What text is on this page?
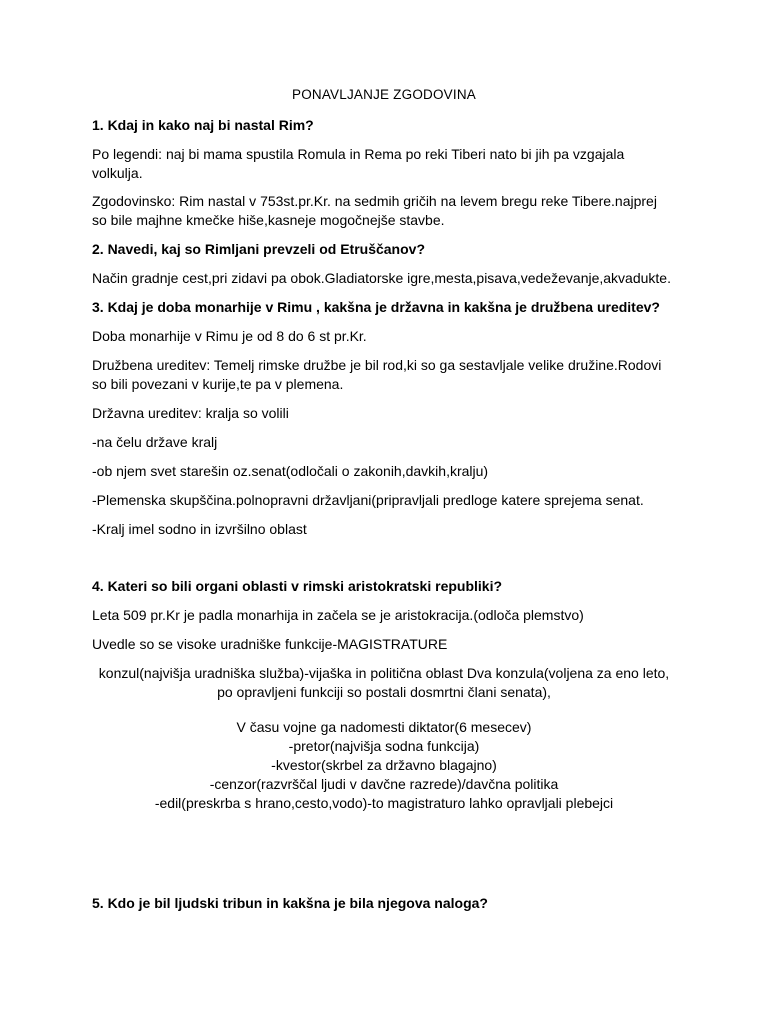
PONAVLJANJE ZGODOVINA
1. Kdaj in kako naj bi nastal Rim?
Po legendi: naj bi mama spustila Romula in Rema po reki Tiberi nato bi jih pa vzgajala
volkulja.
Zgodovinsko: Rim nastal v 753st.pr.Kr. na sedmih gričih na levem bregu reke Tibere.najprej
so bile majhne kmečke hiše,kasneje mogočnejše stavbe.
2. Navedi, kaj so Rimljani prevzeli od Etruščanov?
Način gradnje cest,pri zidavi pa obok.Gladiatorske igre,mesta,pisava,vedeževanje,akvadukte.
3. Kdaj je doba monarhije v Rimu , kakšna je državna in kakšna je družbena ureditev?
Doba monarhije v Rimu je od 8 do 6 st pr.Kr.
Družbena ureditev: Temelj rimske družbe je bil rod,ki so ga sestavljale velike družine.Rodovi
so bili povezani v kurije,te pa v plemena.
Državna ureditev: kralja so volili
-na čelu države kralj
-ob njem svet starešin oz.senat(odločali o zakonih,davkih,kralju)
-Plemenska skupščina.polnopravni državljani(pripravljali predloge katere sprejema senat.
-Kralj imel sodno in izvršilno oblast
4. Kateri so bili organi oblasti v rimski aristokratski republiki?
Leta 509 pr.Kr je padla monarhija in začela se je aristokracija.(odloča plemstvo)
Uvedle so se visoke uradniške funkcije-MAGISTRATURE
konzul(najvišja uradniška služba)-vijaška in politična oblast Dva konzula(voljena za eno leto,
po opravljeni funkciji so postali dosmrtni člani senata),
V času vojne ga nadomesti diktator(6 mesecev)
-pretor(najvišja sodna funkcija)
-kvestor(skrbel za državno blagajno)
-cenzor(razvrščal ljudi v davčne razrede)/davčna politika
-edil(preskrba s hrano,cesto,vodo)-to magistraturo lahko opravljali plebejci
5. Kdo je bil ljudski tribun in kakšna je bila njegova naloga?
